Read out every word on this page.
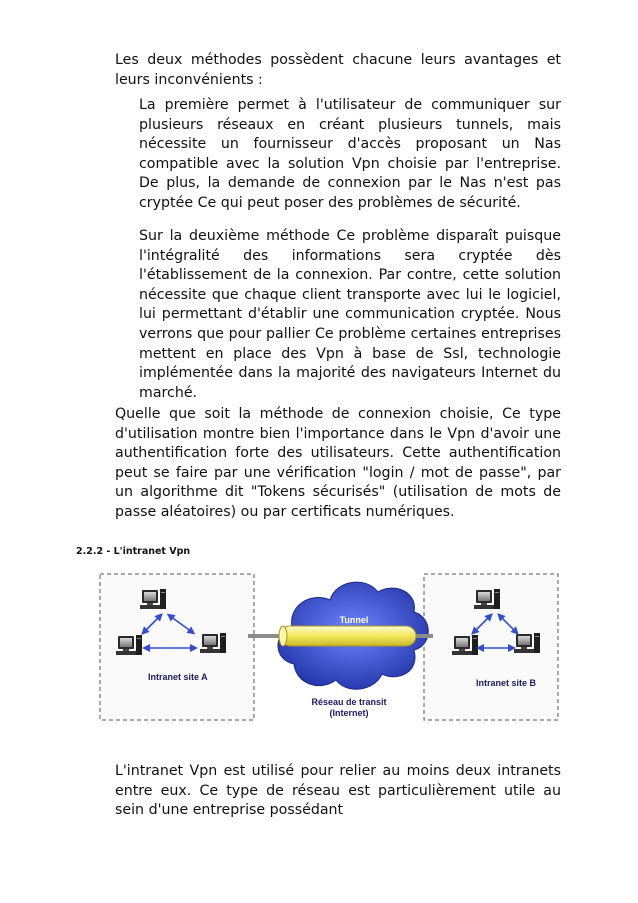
Les deux méthodes possèdent chacune leurs avantages et leurs inconvénients :

La première permet à l'utilisateur de communiquer sur plusieurs réseaux en créant plusieurs tunnels, mais nécessite un fournisseur d'accès proposant un Nas compatible avec la solution Vpn choisie par l'entreprise. De plus, la demande de connexion par le Nas n'est pas cryptée Ce qui peut poser des problèmes de sécurité.

Sur la deuxième méthode Ce problème disparaît puisque l'intégralité des informations sera cryptée dès l'établissement de la connexion. Par contre, cette solution nécessite que chaque client transporte avec lui le logiciel, lui permettant d'établir une communication cryptée. Nous verrons que pour pallier Ce problème certaines entreprises mettent en place des Vpn à base de Ssl, technologie implémentée dans la majorité des navigateurs Internet du marché.

Quelle que soit la méthode de connexion choisie, Ce type d'utilisation montre bien l'importance dans le Vpn d'avoir une authentification forte des utilisateurs. Cette authentification peut se faire par une vérification "login / mot de passe", par un algorithme dit "Tokens sécurisés" (utilisation de mots de passe aléatoires) ou par certificats numériques.

2.2.2 - L'intranet Vpn

Tunnel
Intranet site A
Intranet site B
Réseau de transit
(Internet)

L'intranet Vpn est utilisé pour relier au moins deux intranets entre eux. Ce type de réseau est particulièrement utile au sein d'une entreprise possédant
